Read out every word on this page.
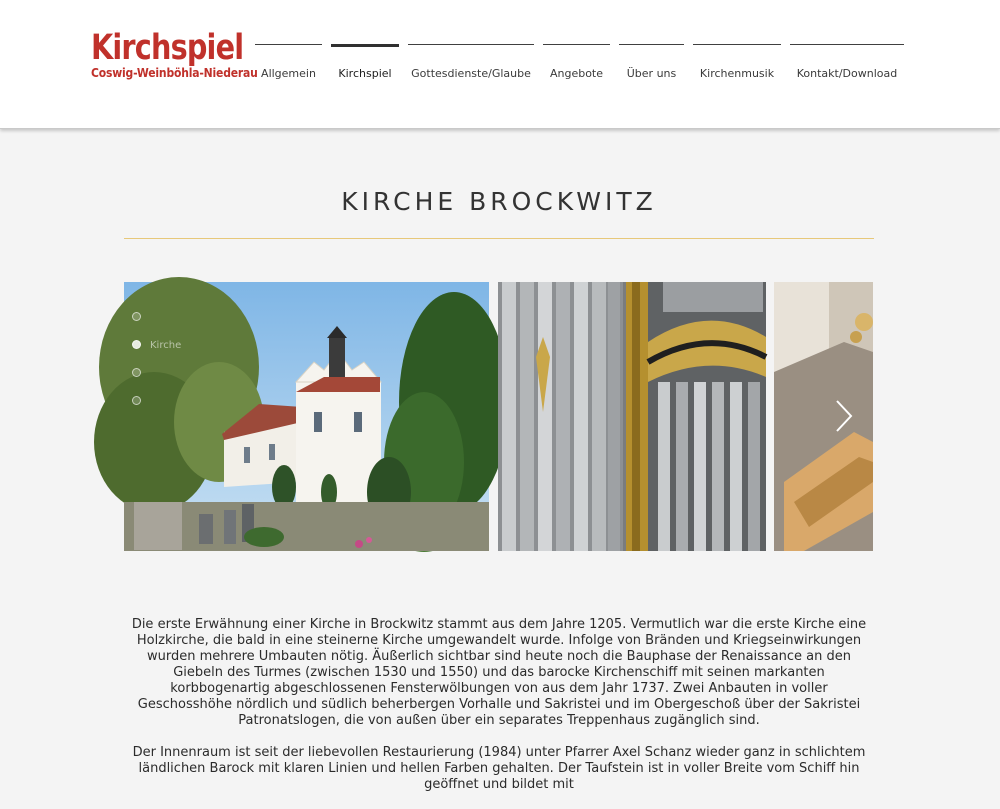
Kirchspiel
Coswig-Weinböhla-Niederau Allgemein	Kirchspiel	Gottesdienste/Glaube	Angebote	Über uns	Kirchenmusik	Kontakt/Download
KIRCHE BROCKWITZ
Kirche

Die erste Erwähnung einer Kirche in Brockwitz stammt aus dem Jahre 1205. Vermutlich war die erste Kirche eine Holzkirche, die bald in eine steinerne Kirche umgewandelt wurde. Infolge von Bränden und Kriegseinwirkungen wurden mehrere Umbauten nötig. Äußerlich sichtbar sind heute noch die Bauphase der Renaissance an den Giebeln des Turmes (zwischen 1530 und 1550) und das barocke Kirchenschiff mit seinen markanten korbbogenartig abgeschlossenen Fensterwölbungen von aus dem Jahr 1737. Zwei Anbauten in voller Geschosshöhe nördlich und südlich beherbergen Vorhalle und Sakristei und im Obergeschoß über der Sakristei Patronatslogen, die von außen über ein separates Treppenhaus zugänglich sind.

Der Innenraum ist seit der liebevollen Restaurierung (1984) unter Pfarrer Axel Schanz wieder ganz in schlichtem ländlichen Barock mit klaren Linien und hellen Farben gehalten. Der Taufstein ist in voller Breite vom Schiff hin geöffnet und bildet mit
